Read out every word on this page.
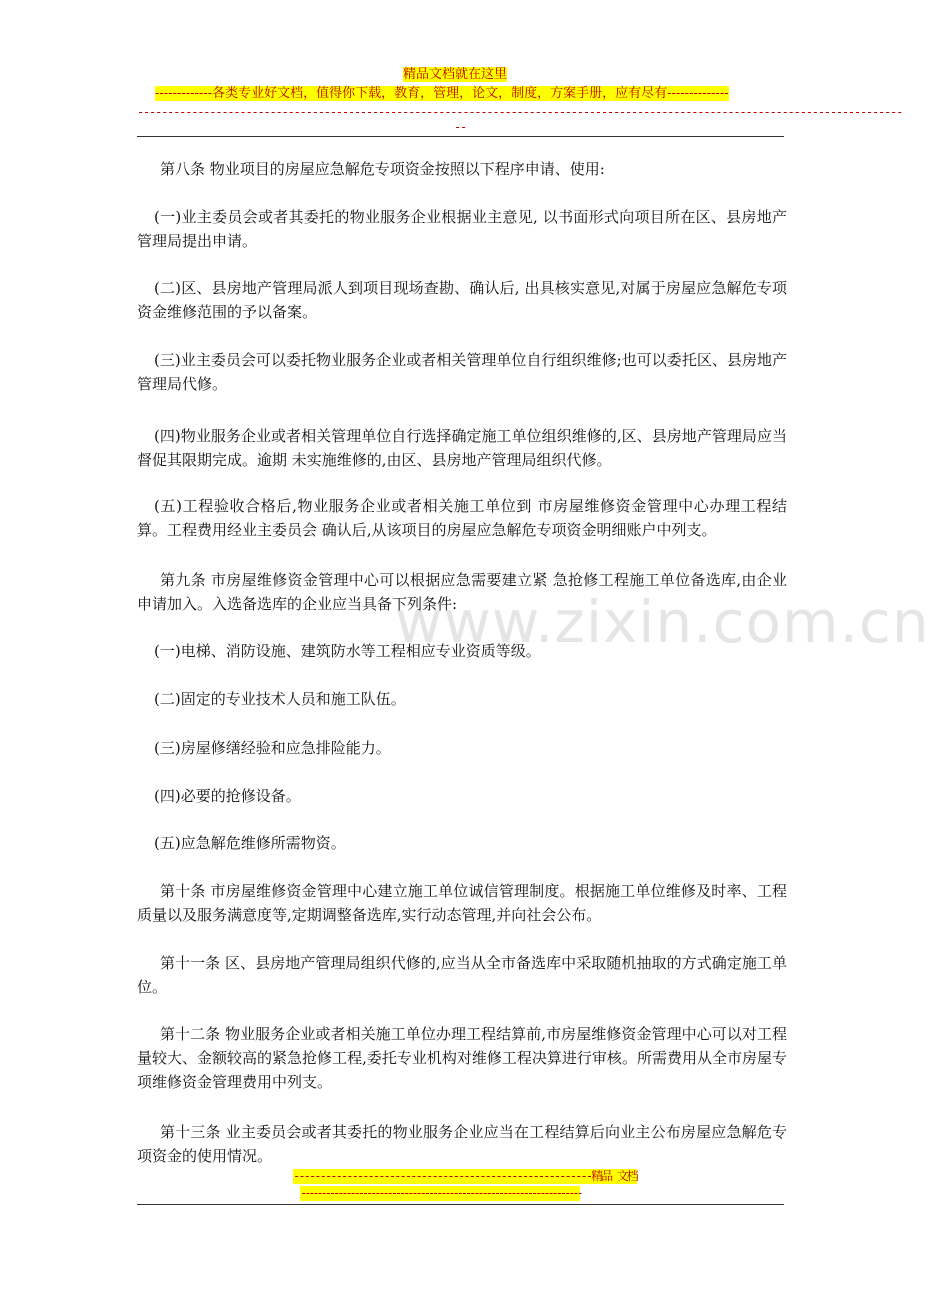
精品文档就在这里
-------------各类专业好文档，值得你下载，教育，管理，论文，制度，方案手册，应有尽有--------------
-------------------------------------------------------------------------------------------------------------------------------
--
www.zixin.com.cn
第八条 物业项目的房屋应急解危专项资金按照以下程序申请、使用:
(一)业主委员会或者其委托的物业服务企业根据业主意见, 以书面形式向项目所在区、县房地产管理局提出申请。
(二)区、县房地产管理局派人到项目现场查勘、确认后, 出具核实意见,对属于房屋应急解危专项资金维修范围的予以备案。
(三)业主委员会可以委托物业服务企业或者相关管理单位自行组织维修;也可以委托区、县房地产管理局代修。
(四)物业服务企业或者相关管理单位自行选择确定施工单位组织维修的,区、县房地产管理局应当督促其限期完成。逾期 未实施维修的,由区、县房地产管理局组织代修。
(五)工程验收合格后,物业服务企业或者相关施工单位到 市房屋维修资金管理中心办理工程结算。工程费用经业主委员会 确认后,从该项目的房屋应急解危专项资金明细账户中列支。
第九条 市房屋维修资金管理中心可以根据应急需要建立紧 急抢修工程施工单位备选库,由企业申请加入。入选备选库的企业应当具备下列条件:
(一)电梯、消防设施、建筑防水等工程相应专业资质等级。
(二)固定的专业技术人员和施工队伍。
(三)房屋修缮经验和应急排险能力。
(四)必要的抢修设备。
(五)应急解危维修所需物资。
第十条 市房屋维修资金管理中心建立施工单位诚信管理制度。根据施工单位维修及时率、工程质量以及服务满意度等,定期调整备选库,实行动态管理,并向社会公布。
第十一条 区、县房地产管理局组织代修的,应当从全市备选库中采取随机抽取的方式确定施工单位。
第十二条 物业服务企业或者相关施工单位办理工程结算前,市房屋维修资金管理中心可以对工程量较大、金额较高的紧急抢修工程,委托专业机构对维修工程决算进行审核。所需费用从全市房屋专项维修资金管理费用中列支。
第十三条 业主委员会或者其委托的物业服务企业应当在工程结算后向业主公布房屋应急解危专项资金的使用情况。
--------------------------------------------------------精品 文档
--------------------------------------------------------------------
